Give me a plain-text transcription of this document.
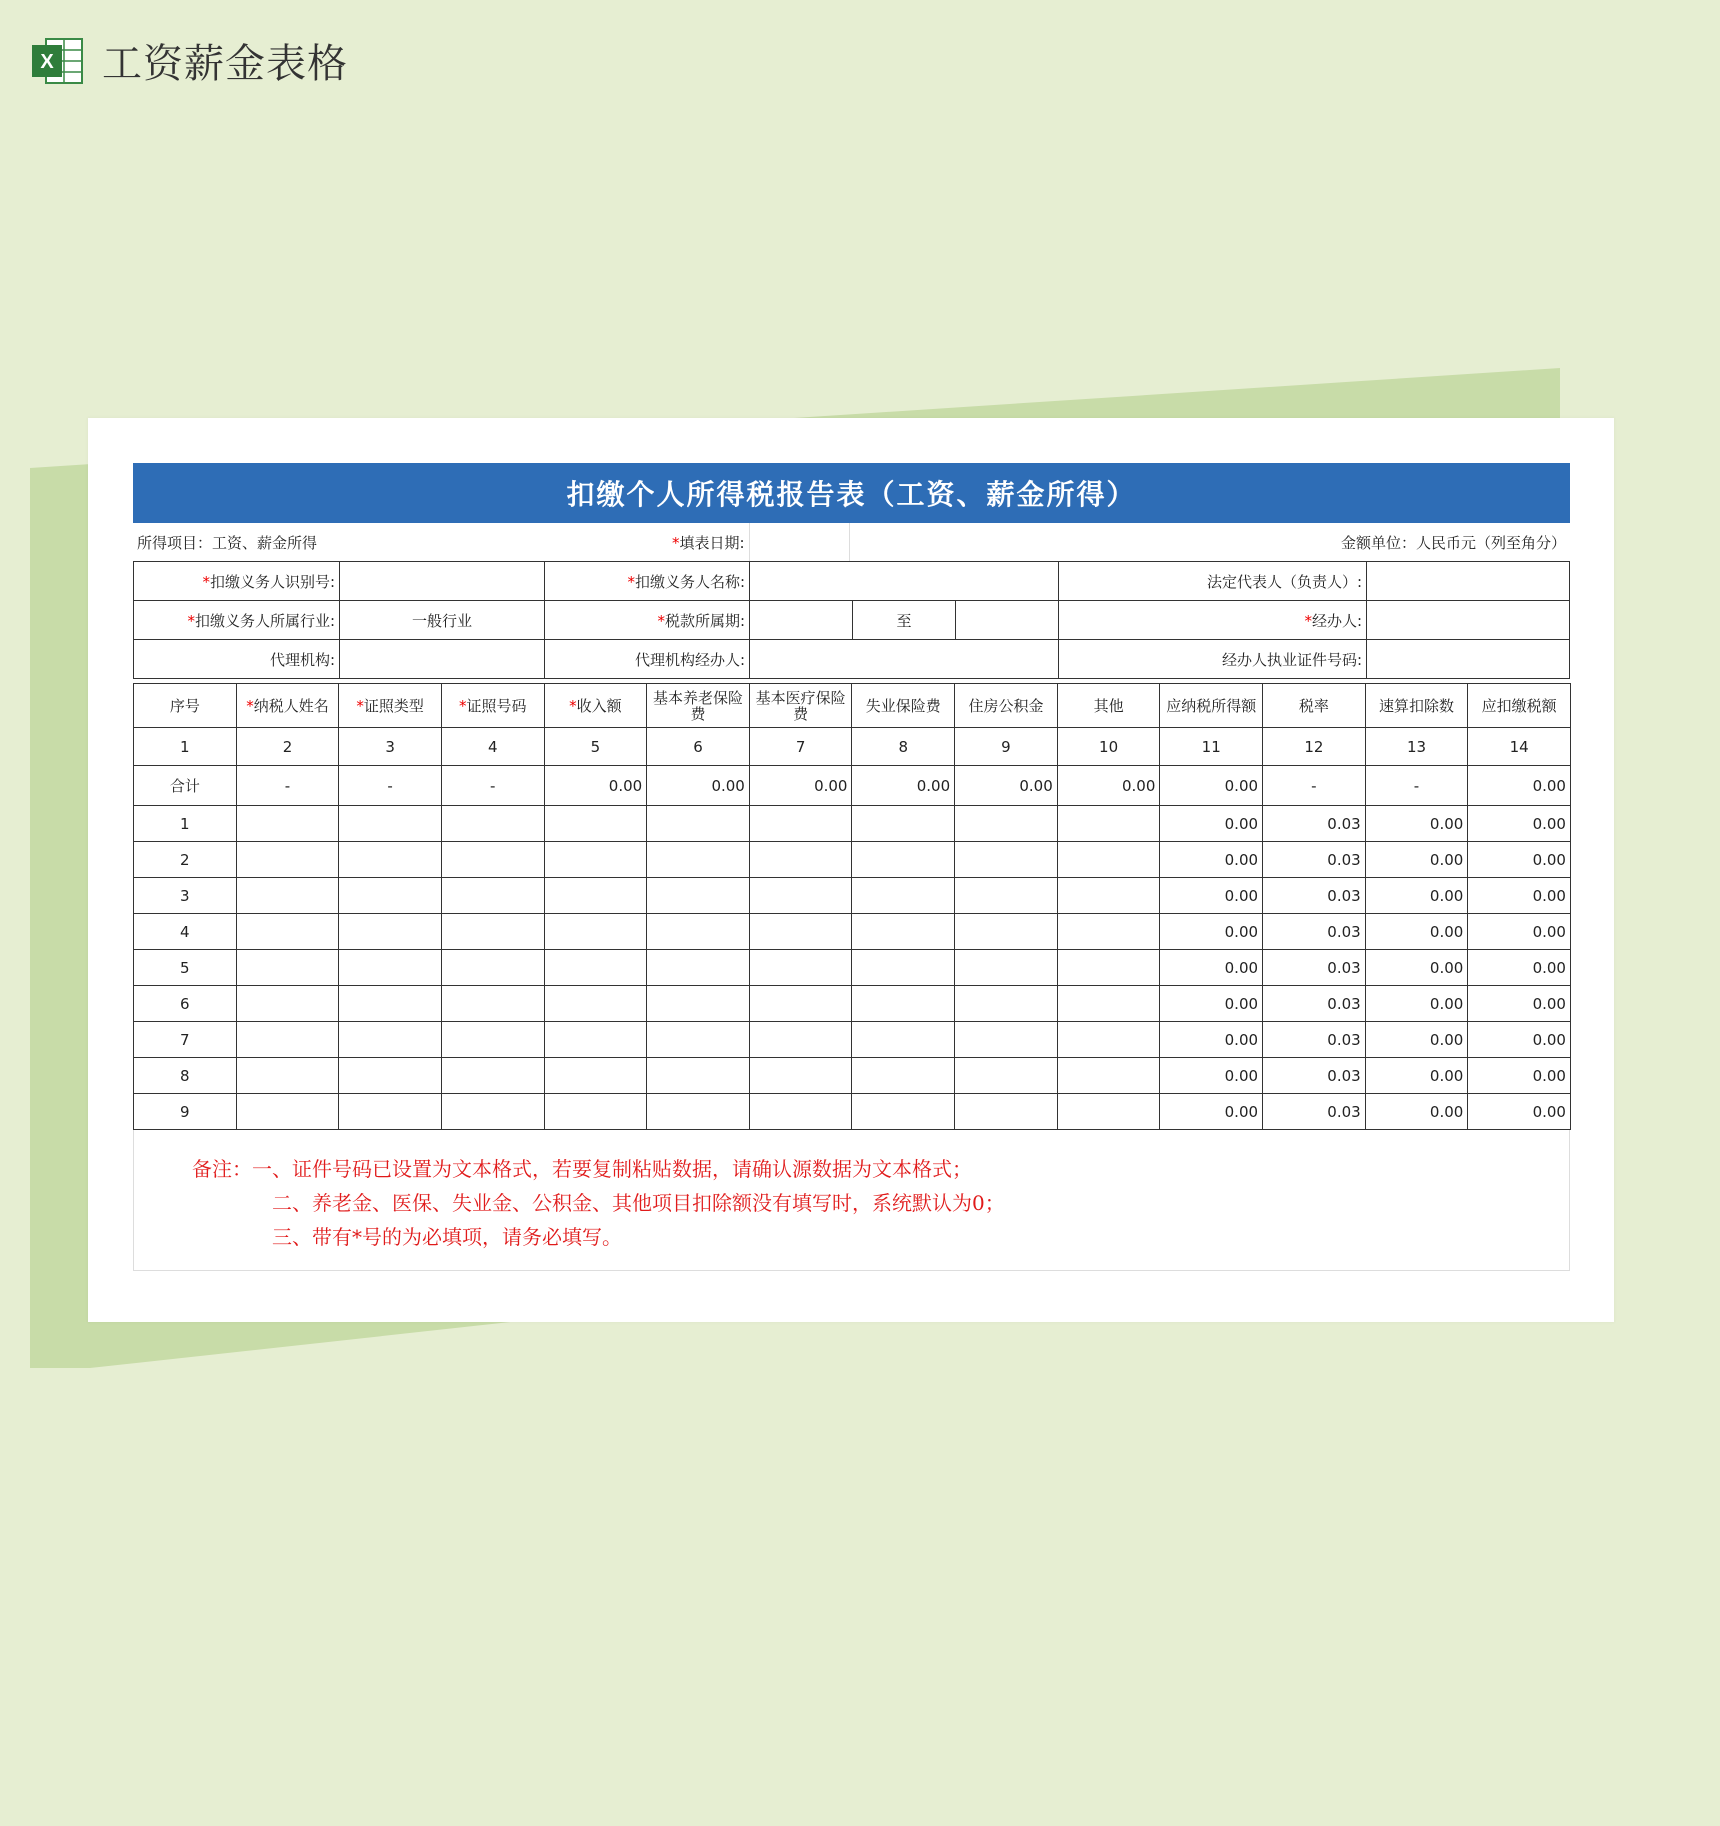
X 工资薪金表格
扣缴个人所得税报告表（工资、薪金所得）
所得项目：工资、薪金所得	*填表日期:		金额单位：人民币元（列至角分）
*扣缴义务人识别号:		*扣缴义务人名称:				法定代表人（负责人）:	
*扣缴义务人所属行业:	一般行业	*税款所属期:		至		*经办人:	
代理机构:		代理机构经办人:				经办人执业证件号码:	
序号	*纳税人姓名	*证照类型	*证照号码	*收入额	基本养老保险费	基本医疗保险费	失业保险费	住房公积金	其他	应纳税所得额	税率	速算扣除数	应扣缴税额
1	2	3	4	5	6	7	8	9	10	11	12	13	14
合计	-	-	-	0.00	0.00	0.00	0.00	0.00	0.00	0.00	-	-	0.00
1										0.00	0.03	0.00	0.00
2										0.00	0.03	0.00	0.00
3										0.00	0.03	0.00	0.00
4										0.00	0.03	0.00	0.00
5										0.00	0.03	0.00	0.00
6										0.00	0.03	0.00	0.00
7										0.00	0.03	0.00	0.00
8										0.00	0.03	0.00	0.00
9										0.00	0.03	0.00	0.00
备注：一、证件号码已设置为文本格式，若要复制粘贴数据，请确认源数据为文本格式；
二、养老金、医保、失业金、公积金、其他项目扣除额没有填写时，系统默认为0；
三、带有*号的为必填项，请务必填写。
